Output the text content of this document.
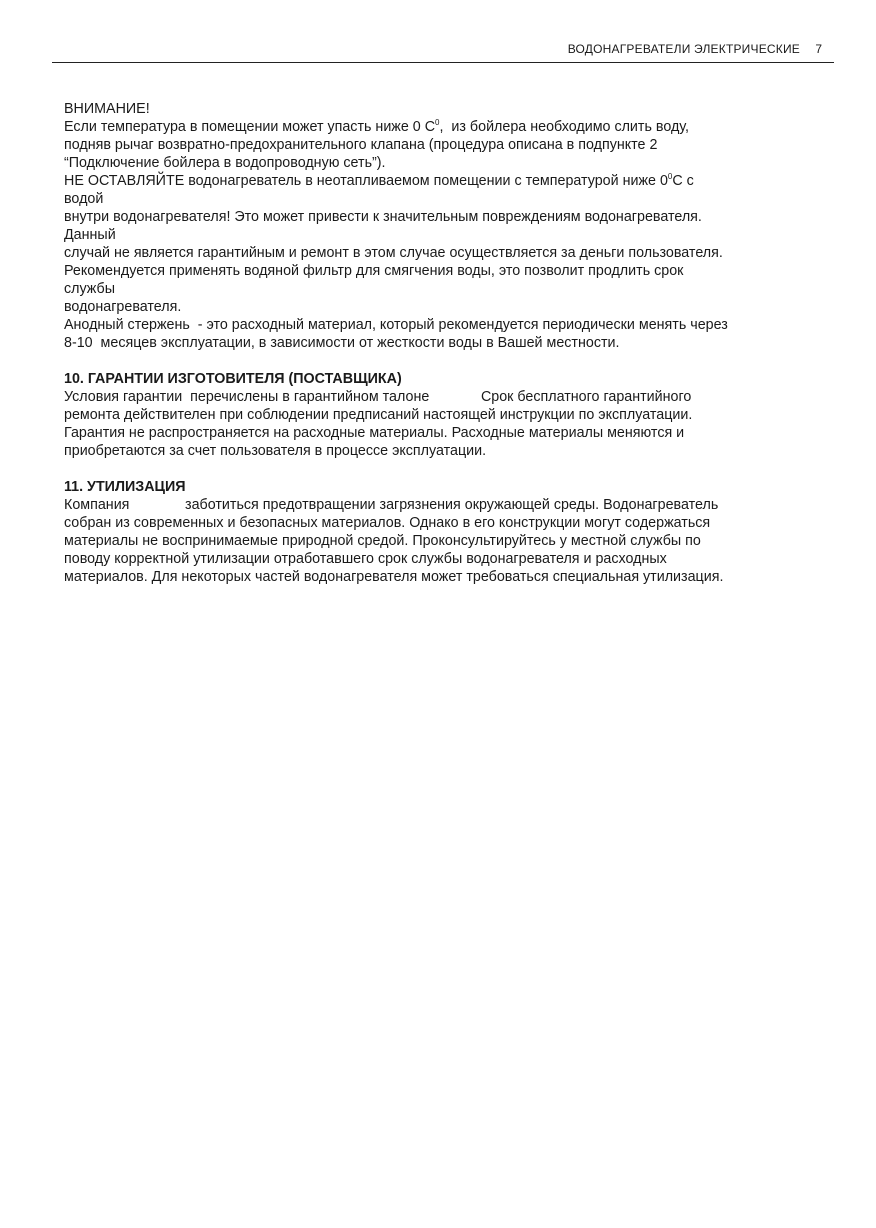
ВОДОНАГРЕВАТЕЛИ ЭЛЕКТРИЧЕСКИЕ 7

ВНИМАНИЕ!

Если температура в помещении может упасть ниже 0 $С^0$,  из бойлера необходимо слить воду,

подняв рычаг возвратно-предохранительного клапана (процедура описана в подпункте 2

“Подключение бойлера в водопроводную сеть”).

НЕ ОСТАВЛЯЙТЕ водонагреватель в неотапливаемом помещении с температурой ниже $0^0С$ с

водой

внутри водонагревателя! Это может привести к значительным повреждениям водонагревателя.

Данный

случай не является гарантийным и ремонт в этом случае осуществляется за деньги пользователя.

Рекомендуется применять водяной фильтр для смягчения воды, это позволит продлить срок

службы

водонагревателя.

Анодный стержень  - это расходный материал, который рекомендуется периодически менять через

8-10  месяцев эксплуатации, в зависимости от жесткости воды в Вашей местности.

10. ГАРАНТИИ ИЗГОТОВИТЕЛЯ (ПОСТАВЩИКА)

Условия гарантии  перечислены в гарантийном талоне             Срок бесплатного гарантийного

ремонта действителен при соблюдении предписаний настоящей инструкции по эксплуатации.

Гарантия не распространяется на расходные материалы. Расходные материалы меняются и

приобретаются за счет пользователя в процессе эксплуатации.

11. УТИЛИЗАЦИЯ

Компания              заботиться предотвращении загрязнения окружающей среды. Водонагреватель

собран из современных и безопасных материалов. Однако в его конструкции могут содержаться

материалы не воспринимаемые природной средой. Проконсультируйтесь у местной службы по

поводу корректной утилизации отработавшего срок службы водонагревателя и расходных

материалов. Для некоторых частей водонагревателя может требоваться специальная утилизация.
